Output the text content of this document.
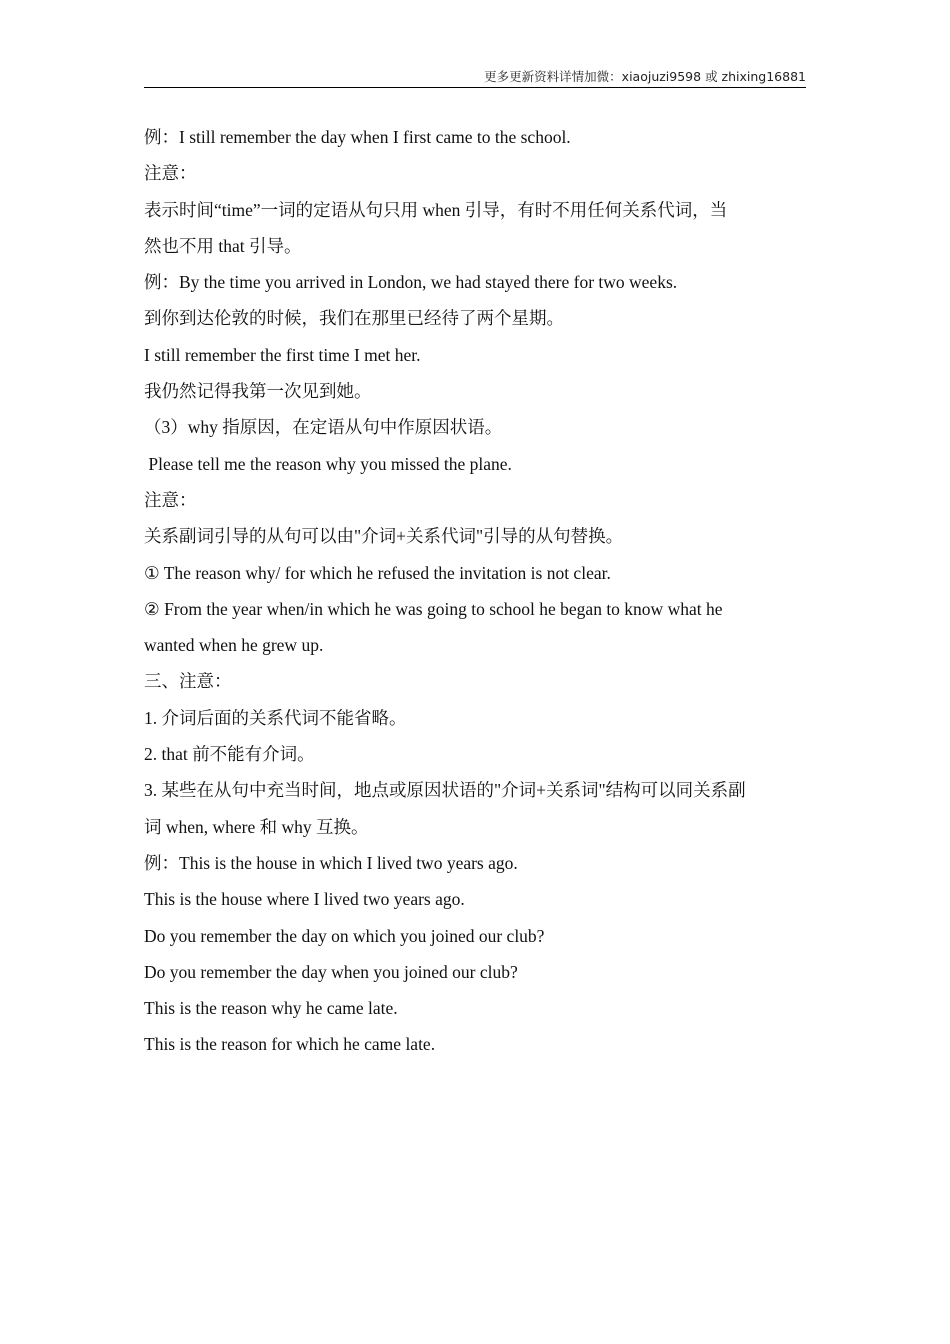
更多更新资料详情加微：xiaojuzi9598 或 zhixing16881

例：I still remember the day when I first came to the school.

注意：

表示时间“time”一词的定语从句只用 when 引导，有时不用任何关系代词，当

然也不用 that 引导。

例：By the time you arrived in London, we had stayed there for two weeks.

到你到达伦敦的时候，我们在那里已经待了两个星期。

I still remember the first time I met her.

我仍然记得我第一次见到她。

（3）why 指原因，在定语从句中作原因状语。

Please tell me the reason why you missed the plane.

注意：

关系副词引导的从句可以由"介词+关系代词"引导的从句替换。

① The reason why/ for which he refused the invitation is not clear.

② From the year when/in which he was going to school he began to know what he

wanted when he grew up.

三、注意：

1. 介词后面的关系代词不能省略。

2. that 前不能有介词。

3. 某些在从句中充当时间，地点或原因状语的"介词+关系词"结构可以同关系副

词 when, where 和 why 互换。

例：This is the house in which I lived two years ago.

This is the house where I lived two years ago.

Do you remember the day on which you joined our club?

Do you remember the day when you joined our club?

This is the reason why he came late.

This is the reason for which he came late.
